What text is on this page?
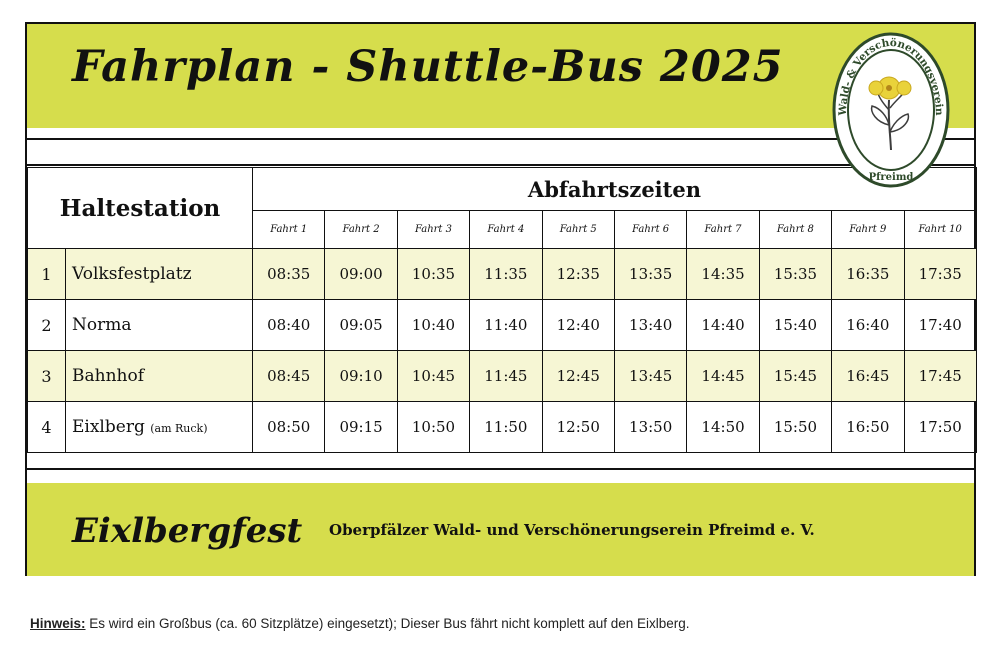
Fahrplan - Shuttle-Bus 2025
Haltestation		Abfahrtszeiten									
		Fahrt 1	Fahrt 2	Fahrt 3	Fahrt 4	Fahrt 5	Fahrt 6	Fahrt 7	Fahrt 8	Fahrt 9	Fahrt 10
1	Volksfestplatz	08:35	09:00	10:35	11:35	12:35	13:35	14:35	15:35	16:35	17:35
2	Norma	08:40	09:05	10:40	11:40	12:40	13:40	14:40	15:40	16:40	17:40
3	Bahnhof	08:45	09:10	10:45	11:45	12:45	13:45	14:45	15:45	16:45	17:45
4	Eixlberg (am Ruck)	08:50	09:15	10:50	11:50	12:50	13:50	14:50	15:50	16:50	17:50
Eixlbergfest Oberpfälzer Wald- und Verschönerungserein Pfreimd e. V.
Wald- & Verschönerungsverein
Pfreimd
Hinweis: Es wird ein Großbus (ca. 60 Sitzplätze) eingesetzt); Dieser Bus fährt nicht komplett auf den Eixlberg.
